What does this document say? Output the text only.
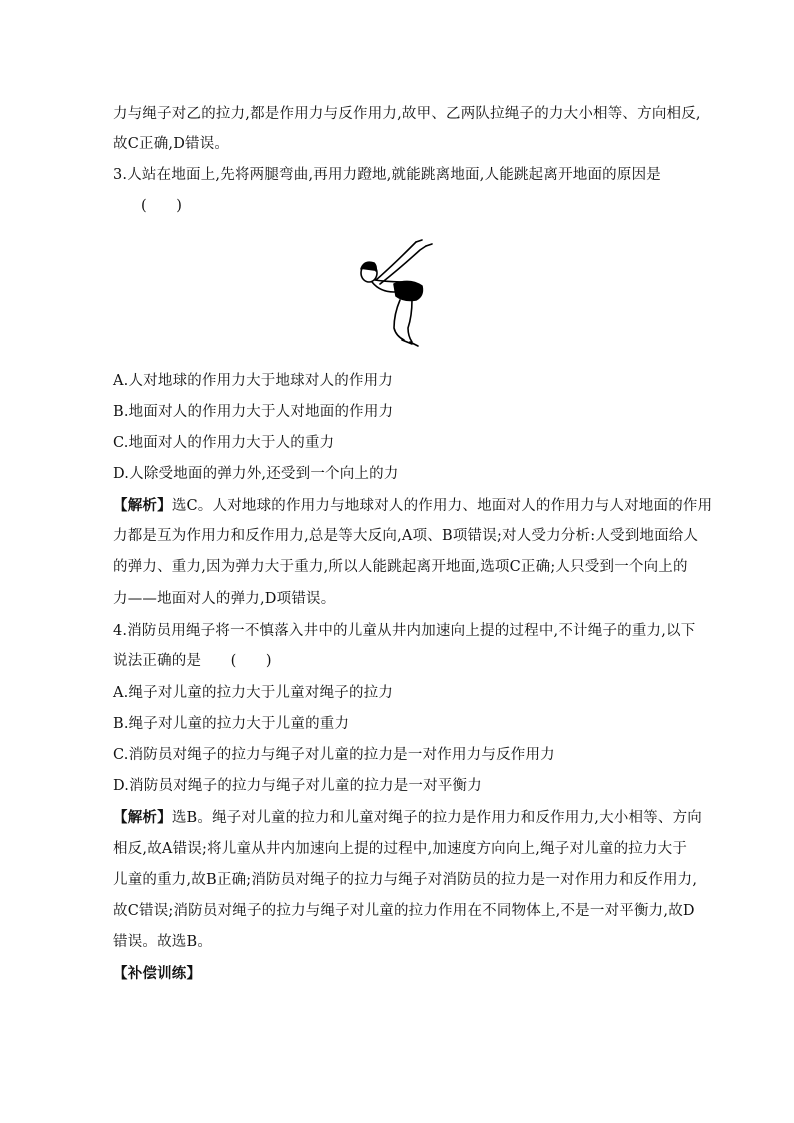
力与绳子对乙的拉力,都是作用力与反作用力,故甲、乙两队拉绳子的力大小相等、方向相反,
故C正确,D错误。
3.人站在地面上,先将两腿弯曲,再用力蹬地,就能跳离地面,人能跳起离开地面的原因是
(　　)
A.人对地球的作用力大于地球对人的作用力
B.地面对人的作用力大于人对地面的作用力
C.地面对人的作用力大于人的重力
D.人除受地面的弹力外,还受到一个向上的力
【解析】选C。人对地球的作用力与地球对人的作用力、地面对人的作用力与人对地面的作用
力都是互为作用力和反作用力,总是等大反向,A项、B项错误;对人受力分析:人受到地面给人
的弹力、重力,因为弹力大于重力,所以人能跳起离开地面,选项C正确;人只受到一个向上的
力——地面对人的弹力,D项错误。
4.消防员用绳子将一不慎落入井中的儿童从井内加速向上提的过程中,不计绳子的重力,以下
说法正确的是　　(　　)
A.绳子对儿童的拉力大于儿童对绳子的拉力
B.绳子对儿童的拉力大于儿童的重力
C.消防员对绳子的拉力与绳子对儿童的拉力是一对作用力与反作用力
D.消防员对绳子的拉力与绳子对儿童的拉力是一对平衡力
【解析】选B。绳子对儿童的拉力和儿童对绳子的拉力是作用力和反作用力,大小相等、方向
相反,故A错误;将儿童从井内加速向上提的过程中,加速度方向向上,绳子对儿童的拉力大于
儿童的重力,故B正确;消防员对绳子的拉力与绳子对消防员的拉力是一对作用力和反作用力,
故C错误;消防员对绳子的拉力与绳子对儿童的拉力作用在不同物体上,不是一对平衡力,故D
错误。故选B。
【补偿训练】
